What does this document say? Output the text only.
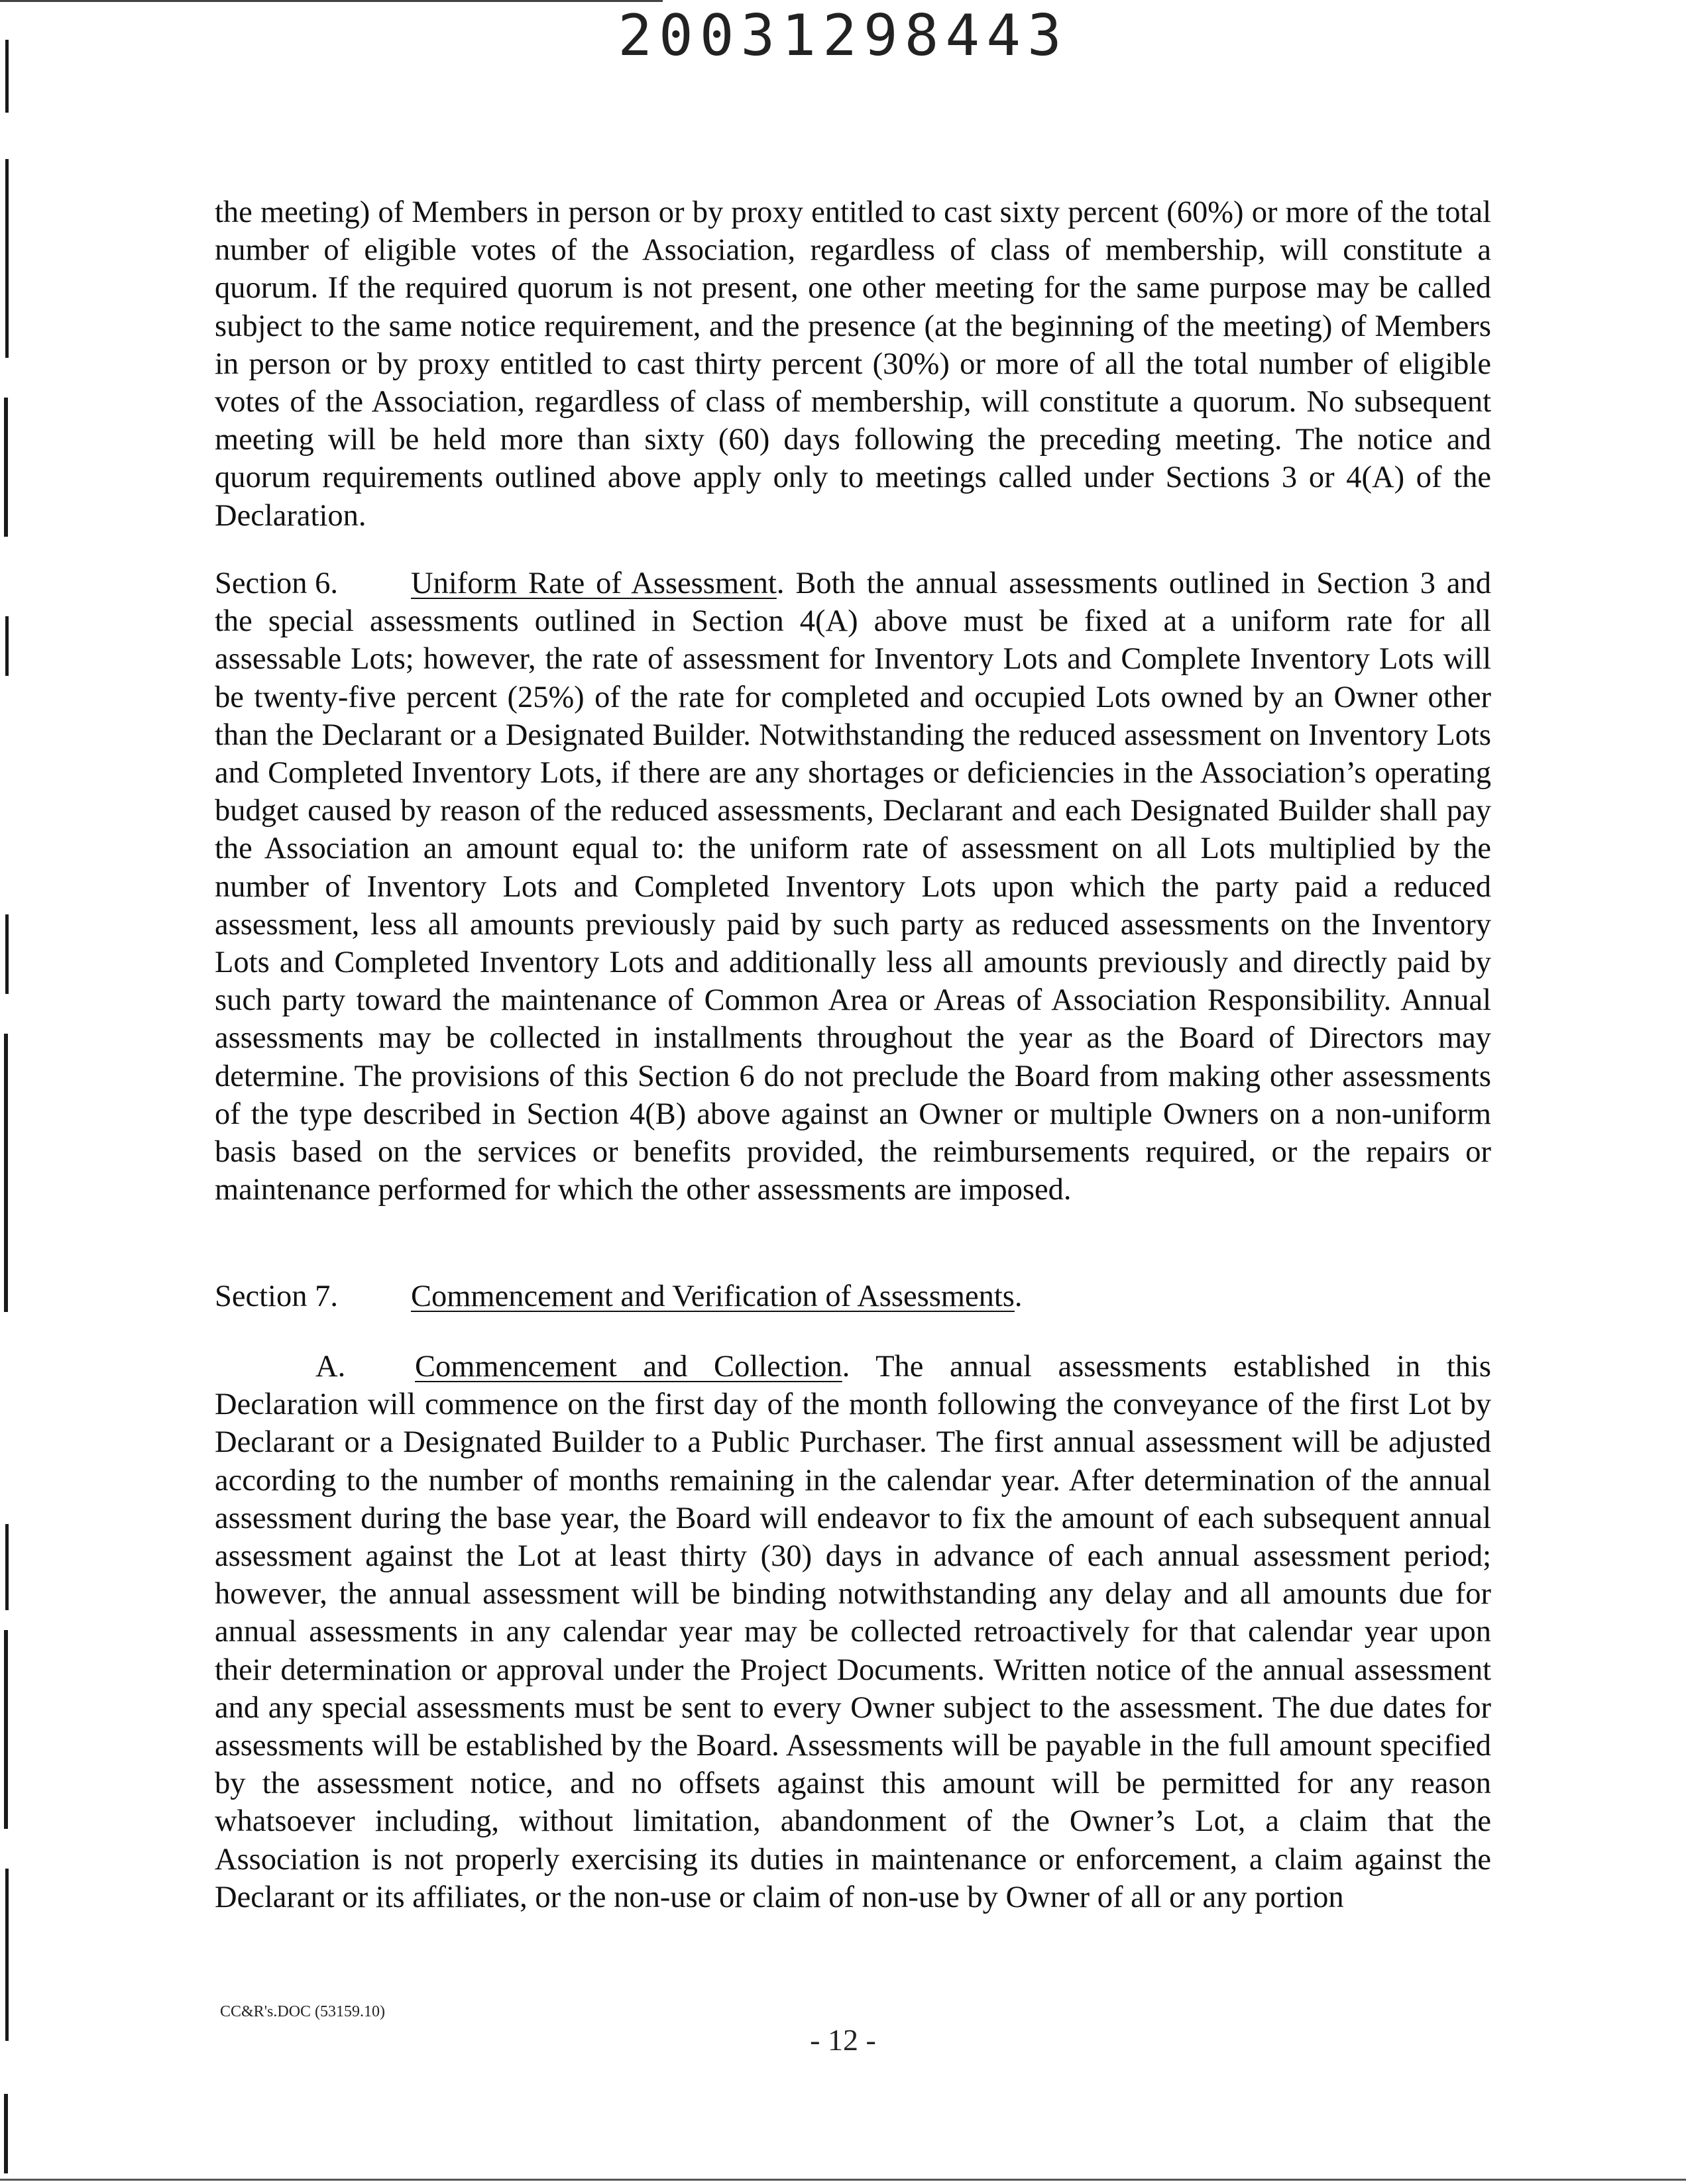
20031298443

the meeting) of Members in person or by proxy entitled to cast sixty percent (60%) or more of the total number of eligible votes of the Association, regardless of class of membership, will constitute a quorum. If the required quorum is not present, one other meeting for the same purpose may be called subject to the same notice requirement, and the presence (at the beginning of the meeting) of Members in person or by proxy entitled to cast thirty percent (30%) or more of all the total number of eligible votes of the Association, regardless of class of membership, will constitute a quorum. No subsequent meeting will be held more than sixty (60) days following the preceding meeting. The notice and quorum requirements outlined above apply only to meetings called under Sections 3 or 4(A) of the Declaration.

Section 6. Uniform Rate of Assessment. Both the annual assessments outlined in Section 3 and the special assessments outlined in Section 4(A) above must be fixed at a uniform rate for all assessable Lots; however, the rate of assessment for Inventory Lots and Complete Inventory Lots will be twenty-five percent (25%) of the rate for completed and occupied Lots owned by an Owner other than the Declarant or a Designated Builder. Notwithstanding the reduced assessment on Inventory Lots and Completed Inventory Lots, if there are any shortages or deficiencies in the Association’s operating budget caused by reason of the reduced assessments, Declarant and each Designated Builder shall pay the Association an amount equal to: the uniform rate of assessment on all Lots multiplied by the number of Inventory Lots and Completed Inventory Lots upon which the party paid a reduced assessment, less all amounts previously paid by such party as reduced assessments on the Inventory Lots and Completed Inventory Lots and additionally less all amounts previously and directly paid by such party toward the maintenance of Common Area or Areas of Association Responsibility. Annual assessments may be collected in installments throughout the year as the Board of Directors may determine. The provisions of this Section 6 do not preclude the Board from making other assessments of the type described in Section 4(B) above against an Owner or multiple Owners on a non-uniform basis based on the services or benefits provided, the reimbursements required, or the repairs or maintenance performed for which the other assessments are imposed.

Section 7. Commencement and Verification of Assessments.

A. Commencement and Collection. The annual assessments established in this Declaration will commence on the first day of the month following the conveyance of the first Lot by Declarant or a Designated Builder to a Public Purchaser. The first annual assessment will be adjusted according to the number of months remaining in the calendar year. After determination of the annual assessment during the base year, the Board will endeavor to fix the amount of each subsequent annual assessment against the Lot at least thirty (30) days in advance of each annual assessment period; however, the annual assessment will be binding notwithstanding any delay and all amounts due for annual assessments in any calendar year may be collected retroactively for that calendar year upon their determination or approval under the Project Documents. Written notice of the annual assessment and any special assessments must be sent to every Owner subject to the assessment. The due dates for assessments will be established by the Board. Assessments will be payable in the full amount specified by the assessment notice, and no offsets against this amount will be permitted for any reason whatsoever including, without limitation, abandonment of the Owner’s Lot, a claim that the Association is not properly exercising its duties in maintenance or enforcement, a claim against the Declarant or its affiliates, or the non-use or claim of non-use by Owner of all or any portion

CC&R's.DOC (53159.10)
- 12 -
